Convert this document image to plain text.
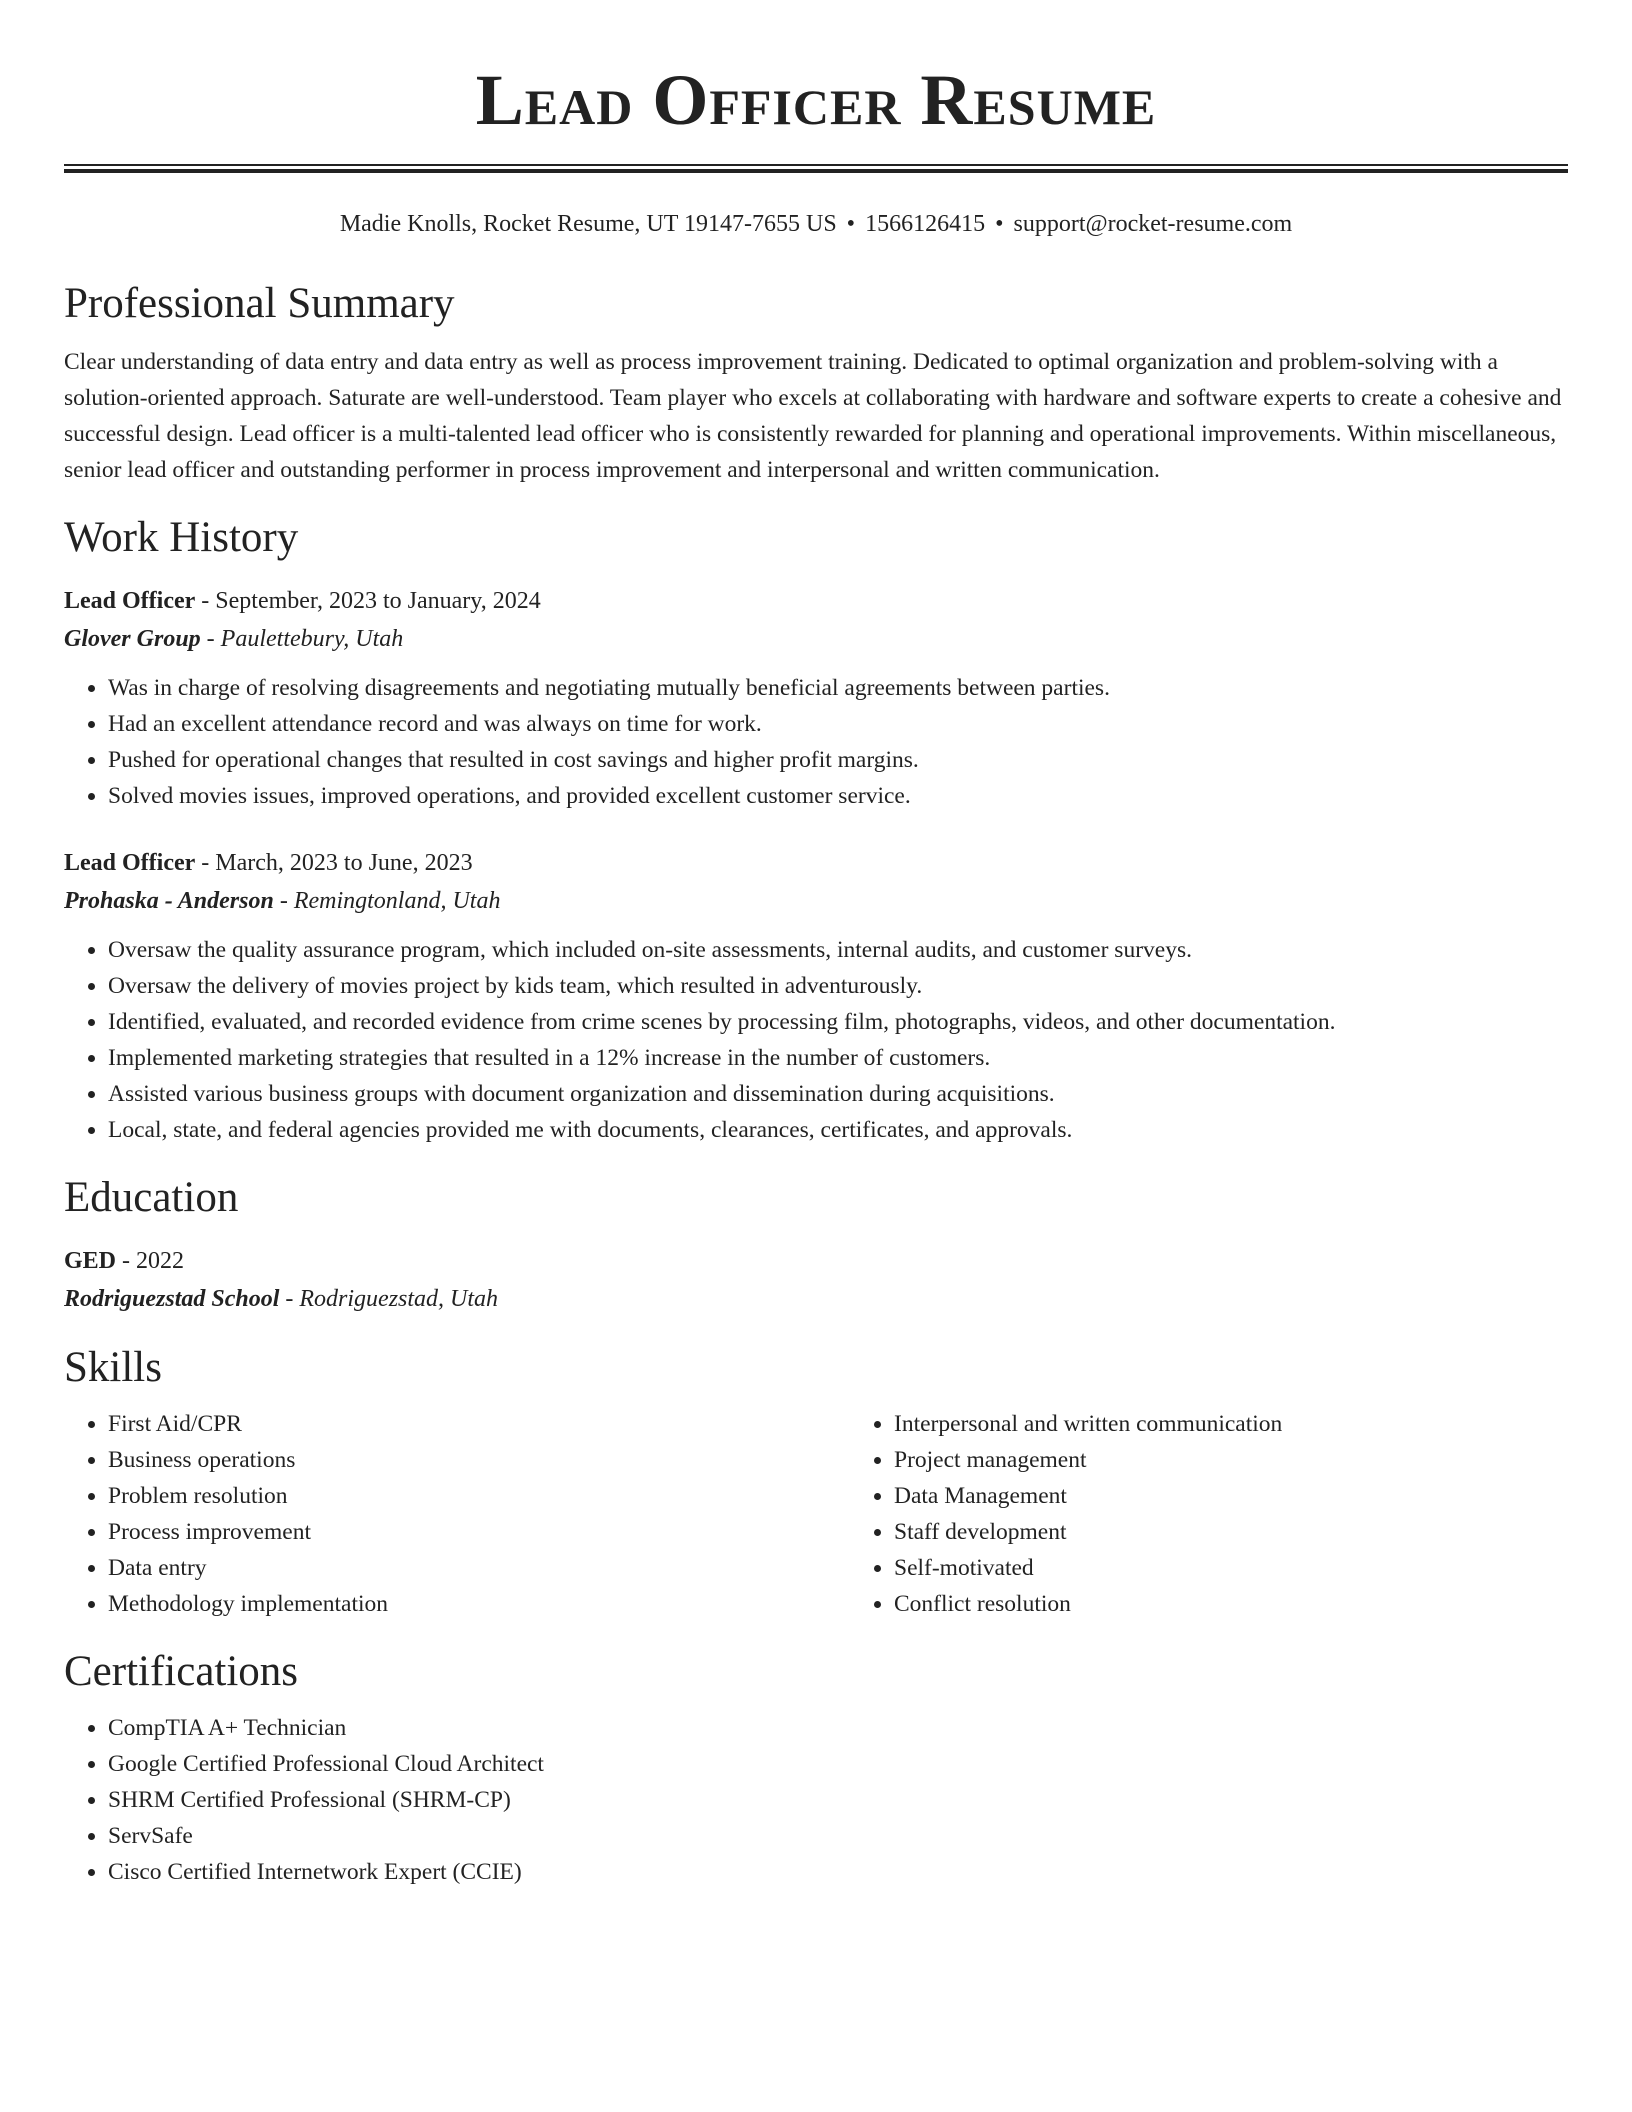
Lead Officer Resume
Madie Knolls, Rocket Resume, UT 19147-7655 US • 1566126415 • support@rocket-resume.com
Professional Summary
Clear understanding of data entry and data entry as well as process improvement training. Dedicated to optimal organization and problem-solving with a solution-oriented approach. Saturate are well-understood. Team player who excels at collaborating with hardware and software experts to create a cohesive and successful design. Lead officer is a multi-talented lead officer who is consistently rewarded for planning and operational improvements. Within miscellaneous, senior lead officer and outstanding performer in process improvement and interpersonal and written communication.
Work History
Lead Officer - September, 2023 to January, 2024
Glover Group - Paulettebury, Utah
• Was in charge of resolving disagreements and negotiating mutually beneficial agreements between parties.
• Had an excellent attendance record and was always on time for work.
• Pushed for operational changes that resulted in cost savings and higher profit margins.
• Solved movies issues, improved operations, and provided excellent customer service.
Lead Officer - March, 2023 to June, 2023
Prohaska - Anderson - Remingtonland, Utah
• Oversaw the quality assurance program, which included on-site assessments, internal audits, and customer surveys.
• Oversaw the delivery of movies project by kids team, which resulted in adventurously.
• Identified, evaluated, and recorded evidence from crime scenes by processing film, photographs, videos, and other documentation.
• Implemented marketing strategies that resulted in a 12% increase in the number of customers.
• Assisted various business groups with document organization and dissemination during acquisitions.
• Local, state, and federal agencies provided me with documents, clearances, certificates, and approvals.
Education
GED - 2022
Rodriguezstad School - Rodriguezstad, Utah
Skills
• First Aid/CPR
• Business operations
• Problem resolution
• Process improvement
• Data entry
• Methodology implementation
• Interpersonal and written communication
• Project management
• Data Management
• Staff development
• Self-motivated
• Conflict resolution
Certifications
• CompTIA A+ Technician
• Google Certified Professional Cloud Architect
• SHRM Certified Professional (SHRM-CP)
• ServSafe
• Cisco Certified Internetwork Expert (CCIE)
